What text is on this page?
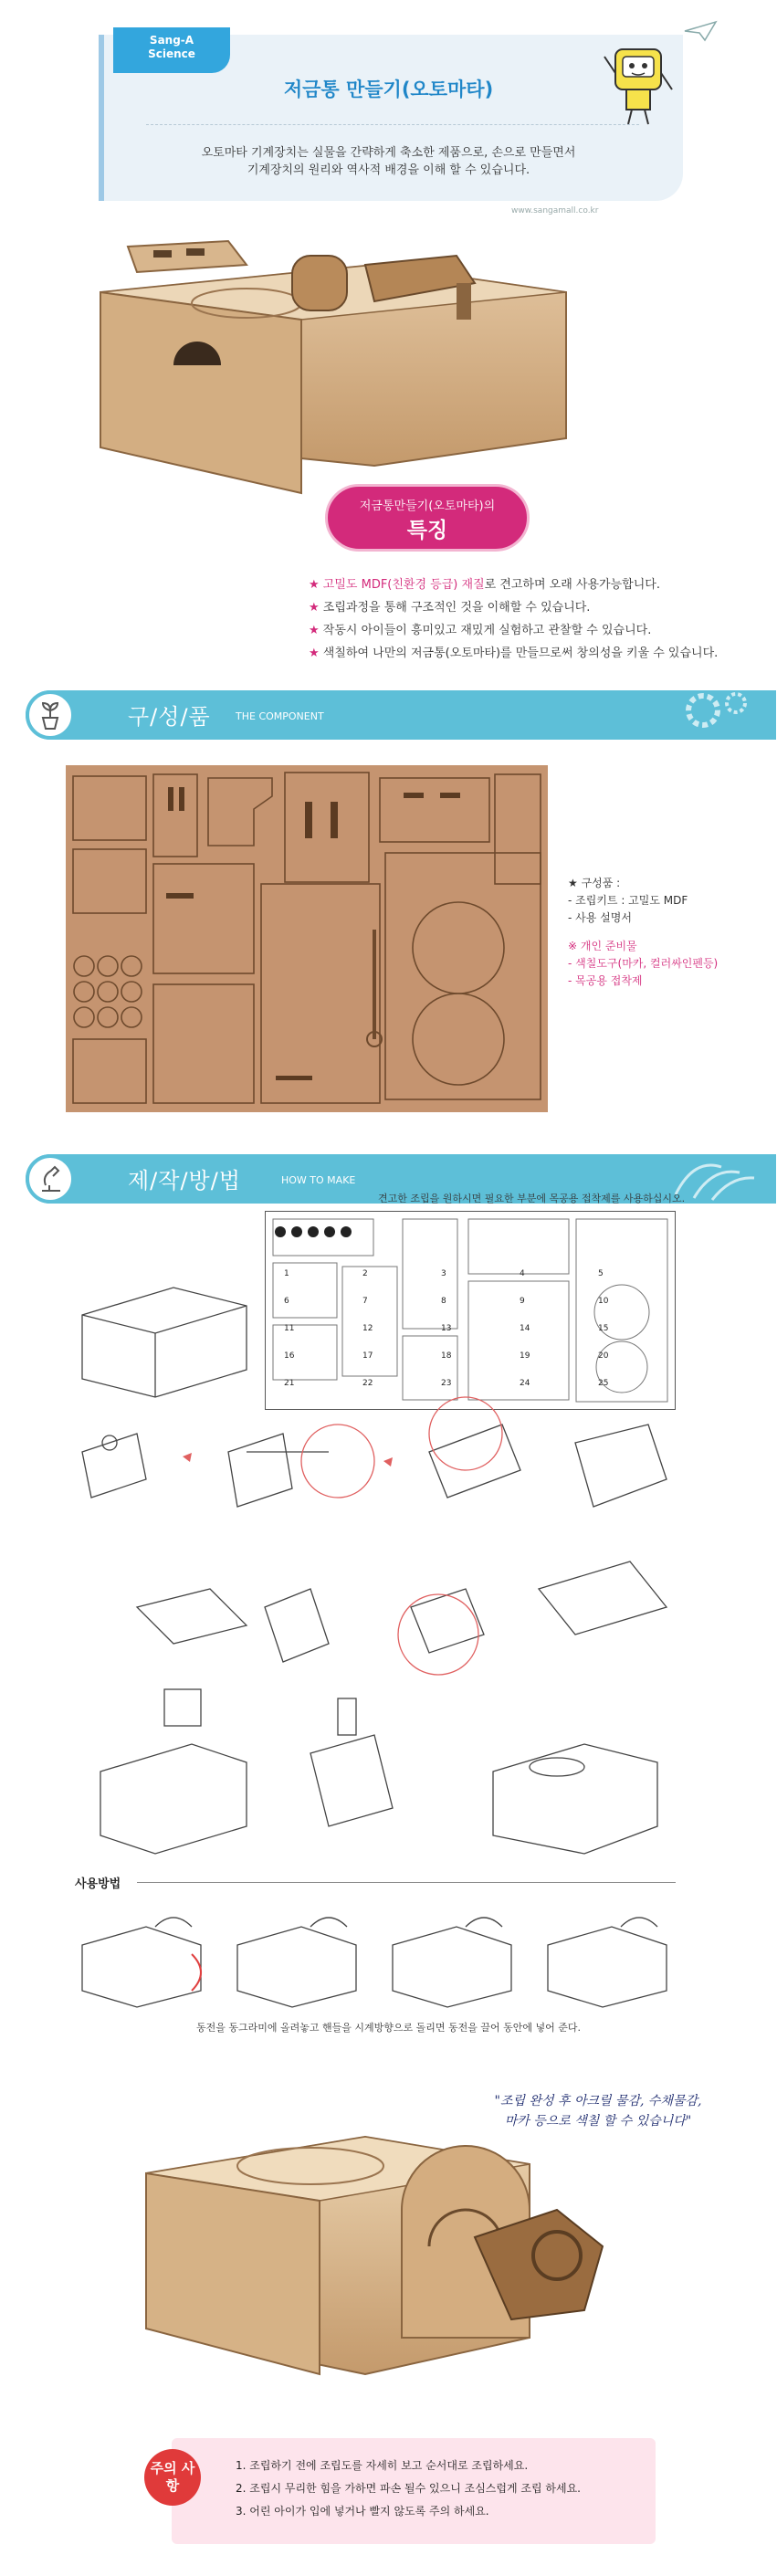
Sang-A
Science
저금통 만들기(오토마타)
오토마타 기계장치는 실물을 간략하게 축소한 제품으로, 손으로 만들면서
기계장치의 원리와 역사적 배경을 이해 할 수 있습니다.
www.sangamall.co.kr
저금통만들기(오토마타)의
특징
★ 고밀도 MDF(친환경 등급) 재질로 견고하며 오래 사용가능합니다.
★ 조립과정을 통해 구조적인 것을 이해할 수 있습니다.
★ 작동시 아이들이 흥미있고 재밌게 실험하고 관찰할 수 있습니다.
★ 색칠하여 나만의 저금통(오토마타)를 만들므로써 창의성을 키울 수 있습니다.
구/성/품 THE COMPONENT
★ 구성품 :
- 조립키트 : 고밀도 MDF
- 사용 설명서
※ 개인 준비물
- 색칠도구(마카, 컬러싸인펜등)
- 목공용 접착제
제/작/방/법	HOW TO MAKE
견고한 조립을 원하시면 필요한 부분에 목공용 접착제를 사용하십시오.
1	2	3	4	5
6	7	8	9	10
11	12	13	14	15
16	17	18	19	20
21	22	23	24	25
사용방법
동전을 동그라미에 올려놓고 핸들을 시계방향으로 돌리면 동전을 끌어 동안에 넣어 준다.
"조립 완성 후 아크릴 물감, 수채물감,
마카 등으로 색칠 할 수 있습니다"
주의 사항
1. 조립하기 전에 조립도를 자세히 보고 순서대로 조립하세요.
2. 조립시 무리한 힘을 가하면 파손 될수 있으니 조심스럽게 조립 하세요.
3. 어린 아이가 입에 넣거나 빨지 않도록 주의 하세요.
